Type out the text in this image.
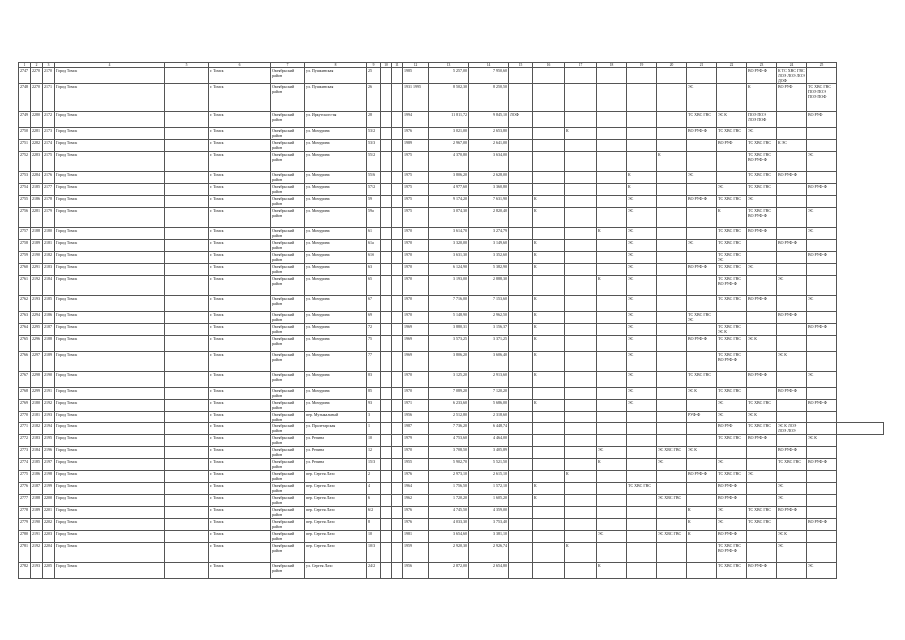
1	2	3	4	5	6	7	8	9	10	11	12	13	14	15	16	17	18	19	20	21	22	23	24	25	
2747	2270	2170	Город Томск		г. Томск	Октябрьский район	ул. Пушкинская	25			1985	5 257,00	7 950,60									ВО РУФ-Ф	К ТС ХВС ГВС ЛОЭ ЛОЭ ЛОЭ ДОФ		
2748	2270	2171	Город Томск		г. Томск	Октябрьский район	ул. Пушкинская	26			1931 1995	8 502,30	8 250,50							ЭС		К	ВО РУФ	ТС ХВС ГВС ПОЭ ПОЭ ПОЭ ПОФ	
2749	2280	2172	Город Томск		г. Томск	Октябрьский район	ул. Иркутского-ая	28			1994	11 811,72	9 845,10	ЛОФ						ТС ХВС ГВС	ЭС К	ПОЭ ПОЭ ЛОЭ ПОФ		ВО РУФ	
2750	2281	2173	Город Томск		г. Томск	Октябрьский район	ул. Мичурина	53/2			1976	3 021,00	2 653,80			К				ВО РУФ-Ф	ТС ХВС ГВС	ЭС			
2751	2282	2174	Город Томск		г. Томск	Октябрьский район	ул. Мичурина	53/3			1989	2 967,00	2 641,00								ВО РУФ	ТС ХВС ГВС	К ЭС		
2752	2283	2175	Город Томск		г. Томск	Октябрьский район	ул. Мичурина	55/2			1975	4 370,80	3 634,00						К			ТС ХВС ГВС ВО РУФ-Ф		ЭС	
2753	2284	2176	Город Томск		г. Томск	Октябрьский район	ул. Мичурина	55/6			1975	3 806,20	2 628,00					К		ЭС		ТС ХВС ГВС	ВО РУФ-Ф		
2754	2185	2177	Город Томск		г. Томск	Октябрьский район	ул. Мичурина	57/2			1975	4 977,60	3 360,80					К			ЭС	ТС ХВС ГВС		ВО РУФ-Ф	
2755	2186	2178	Город Томск		г. Томск	Октябрьский район	ул. Мичурина	59			1975	9 174,20	7 631,90		К			ЭС		ВО РУФ-Ф	ТС ХВС ГВС	ЭС			
2756	2281	2179	Город Томск		г. Томск	Октябрьский район	ул. Мичурина	59а			1975	3 074,30	2 820,40		К			ЭС			К	ТС ХВС ГВС ВО РУФ-Ф		ЭС	
2757	2188	2180	Город Томск		г. Томск	Октябрьский район	ул. Мичурина	61			1970	3 614,70	3 274,79				К	ЭС			ТС ХВС ГВС	ВО РУФ-Ф		ЭС	
2758	2189	2181	Город Томск		г. Томск	Октябрьский район	ул. Мичурина	61а			1970	3 320,00	3 149,60		К			ЭС		ЭС	ТС ХВС ГВС		ВО РУФ-Ф		
2759	2190	2182	Город Томск		г. Томск	Октябрьский район	ул. Мичурина	61б			1970	3 631,30	3 352,60		К			ЭС			ТС ХВС ГВС ЭС			ВО РУФ-Ф	
2760	2291	2183	Город Томск		г. Томск	Октябрьский район	ул. Мичурина	63			1970	6 124,90	5 382,90		К			ЭС		ВО РУФ-Ф	ТС ХВС ГВС	ЭС			
2761	2192	2184	Город Томск		г. Томск	Октябрьский район	ул. Мичурина	65			1970	3 193,00	2 888,30				К	ЭС			ТС ХВС ГВС ВО РУФ-Ф		ЭС		
2762	2193	2185	Город Томск		г. Томск	Октябрьский район	ул. Мичурина	67			1970	7 716,00	7 153,60		К			ЭС			ТС ХВС ГВС	ВО РУФ-Ф		ЭС	
2763	2294	2186	Город Томск		г. Томск	Октябрьский район	ул. Мичурина	69			1970	5 148,90	2 962,50		К			ЭС		ТС ХВС ГВС ЭС			ВО РУФ-Ф		
2764	2295	2187	Город Томск		г. Томск	Октябрьский район	ул. Мичурина	72			1969	3 880,31	3 156,37		К			ЭС			ТС ХВС ГВС ЭС К			ВО РУФ-Ф	
2765	2296	2188	Город Томск		г. Томск	Октябрьский район	ул. Мичурина	75			1969	3 573,25	3 371,25		К			ЭС		ВО РУФ-Ф	ТС ХВС ГВС	ЭС К			
2766	2297	2189	Город Томск		г. Томск	Октябрьский район	ул. Мичурина	77			1969	3 806,20	3 606,40		К			ЭС			ТС ХВС ГВС ВО РУФ-Ф		ЭС К		
2767	2298	2190	Город Томск		г. Томск	Октябрьский район	ул. Мичурина	83			1970	3 125,20	2 913,60		К			ЭС		ТС ХВС ГВС		ВО РУФ-Ф		ЭС	
2768	2299	2191	Город Томск		г. Томск	Октябрьский район	ул. Мичурина	85			1970	7 089,20	7 120,20					ЭС		ЭС К	ТС ХВС ГВС		ВО РУФ-Ф		
2769	2180	2192	Город Томск		г. Томск	Октябрьский район	ул. Мичурина	93			1971	6 233,60	5 686,00		К			ЭС			ЭС	ТС ХВС ГВС		ВО РУФ-Ф	
2770	2181	2193	Город Томск		г. Томск	Октябрьский район	пер. Музыкальный	3			1956	2 512,80	2 318,60							РУФ-Ф	ЭС	ЭС К			
2771	2182	2194	Город Томск		г. Томск	Октябрьский район	ул. Пролетарская	1			1987	7 736,20	6 448,74								ВО РУФ	ТС ХВС ГВС	ЭС К ЛОЭ ЛОЭ ЛОЭ		
2772	2183	2195	Город Томск		г. Томск	Октябрьский район	ул. Репина	10			1979	4 753,60	4 464,00								ТС ХВС ГВС	ВО РУФ-Ф		ЭС К	
2773	2184	2196	Город Томск		г. Томск	Октябрьский район	ул. Репина	12			1970	3 708,50	3 405,89				ЭС		ЭС ХВС ГВС	ЭС К			ВО РУФ-Ф		
2774	2185	2197	Город Томск		г. Томск	Октябрьский район	ул. Репина	15/3			1955	5 902,70	5 521,50				К		ЭС		ЭС		ТС ХВС ГВС	ВО РУФ-Ф	
2775	2186	2198	Город Томск		г. Томск	Октябрьский район	пер. Сергея Лазо	2			1976	2 973,10	2 615,10			К				ВО РУФ-Ф	ТС ХВС ГВС	ЭС			
2776	2187	2199	Город Томск		г. Томск	Октябрьский район	пер. Сергея Лазо	4			1964	1 756,50	1 572,10		К			ТС ХВС ГВС			ВО РУФ-Ф		ЭС		
2777	2188	2200	Город Томск		г. Томск	Октябрьский район	пер. Сергея Лазо	6			1962	1 720,20	1 605,20		К				ЭС ХВС ГВС		ВО РУФ-Ф		ЭС		
2778	2189	2201	Город Томск		г. Томск	Октябрьский район	пер. Сергея Лазо	6/2			1976	4 745,50	4 359,00							К	ЭС	ТС ХВС ГВС	ВО РУФ-Ф		
2779	2190	2202	Город Томск		г. Томск	Октябрьский район	пер. Сергея Лазо	8			1976	4 033,30	3 753,40							К	ЭС	ТС ХВС ГВС		ВО РУФ-Ф	
2780	2191	2203	Город Томск		г. Томск	Октябрьский район	пер. Сергея Лазо	10			1981	3 654,60	3 381,10				ЭС		ЭС ХВС ГВС	К	ВО РУФ-Ф		ЭС К		
2781	2192	2204	Город Томск		г. Томск	Октябрьский район	пер. Сергея Лазо	10/3			1959	2 920,30	2 926,74			К					ТС ХВС ГВС ВО РУФ-Ф		ЭС		
2782	2193	2205	Город Томск		г. Томск	Октябрьский район	ул. Сергея Лазо	24/2			1956	2 872,00	2 654,80				К				ТС ХВС ГВС	ВО РУФ-Ф		ЭС	
